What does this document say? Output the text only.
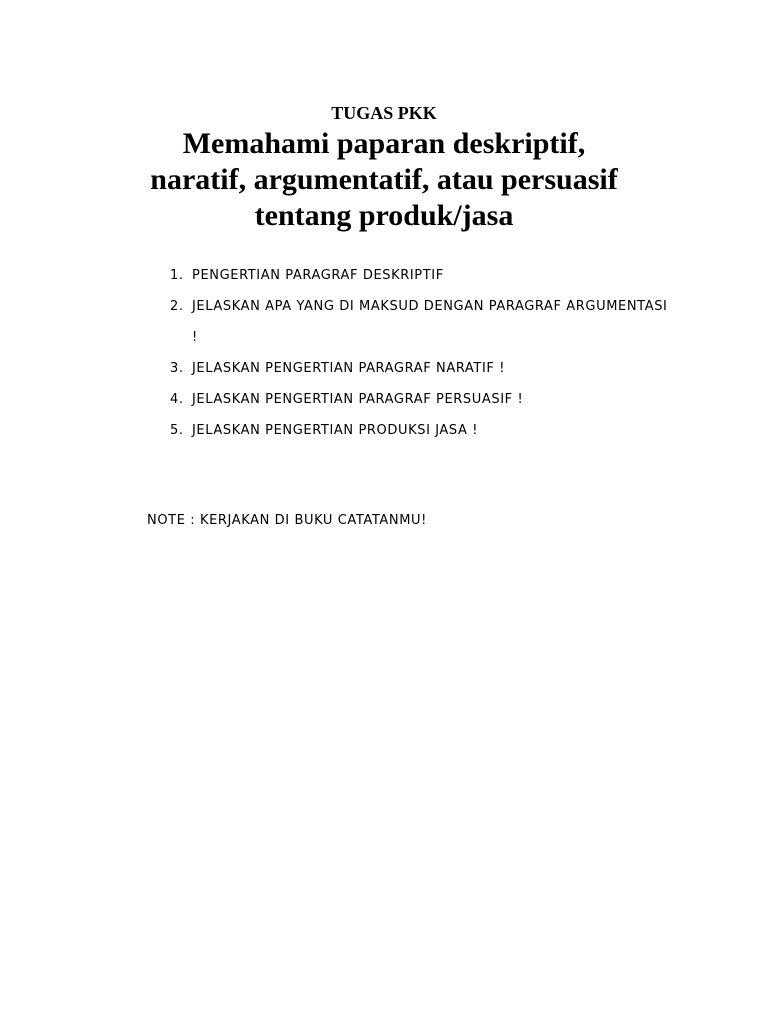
TUGAS PKK
Memahami paparan deskriptif,
naratif, argumentatif, atau persuasif
tentang produk/jasa
1. PENGERTIAN PARAGRAF DESKRIPTIF
2. JELASKAN APA YANG DI MAKSUD DENGAN PARAGRAF ARGUMENTASI !
3. JELASKAN PENGERTIAN PARAGRAF NARATIF !
4. JELASKAN PENGERTIAN PARAGRAF PERSUASIF !
5. JELASKAN PENGERTIAN PRODUKSI JASA !
NOTE : KERJAKAN DI BUKU CATATANMU!
